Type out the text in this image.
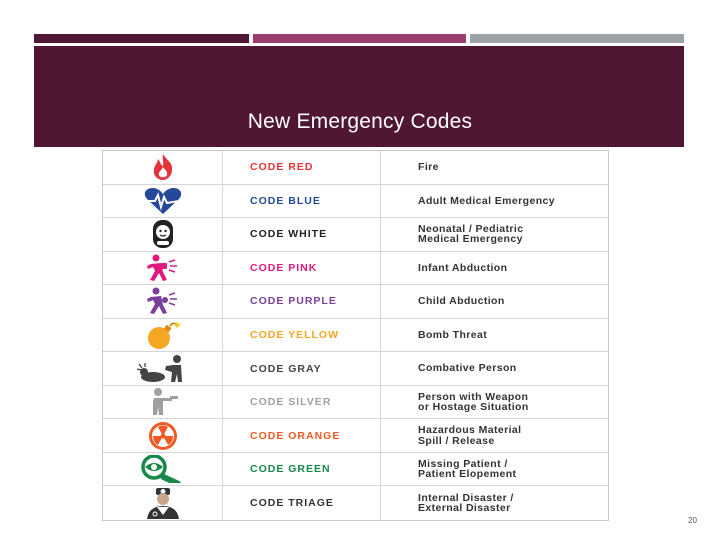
New Emergency Codes
CODE RED	Fire
CODE BLUE	Adult Medical Emergency
CODE WHITE	Neonatal / Pediatric
Medical Emergency
CODE PINK	Infant Abduction
CODE PURPLE	Child Abduction
CODE YELLOW	Bomb Threat
CODE GRAY	Combative Person
CODE SILVER	Person with Weapon
or Hostage Situation
CODE ORANGE	Hazardous Material
Spill / Release
CODE GREEN	Missing Patient /
Patient Elopement
CODE TRIAGE	Internal Disaster /
External Disaster
20
